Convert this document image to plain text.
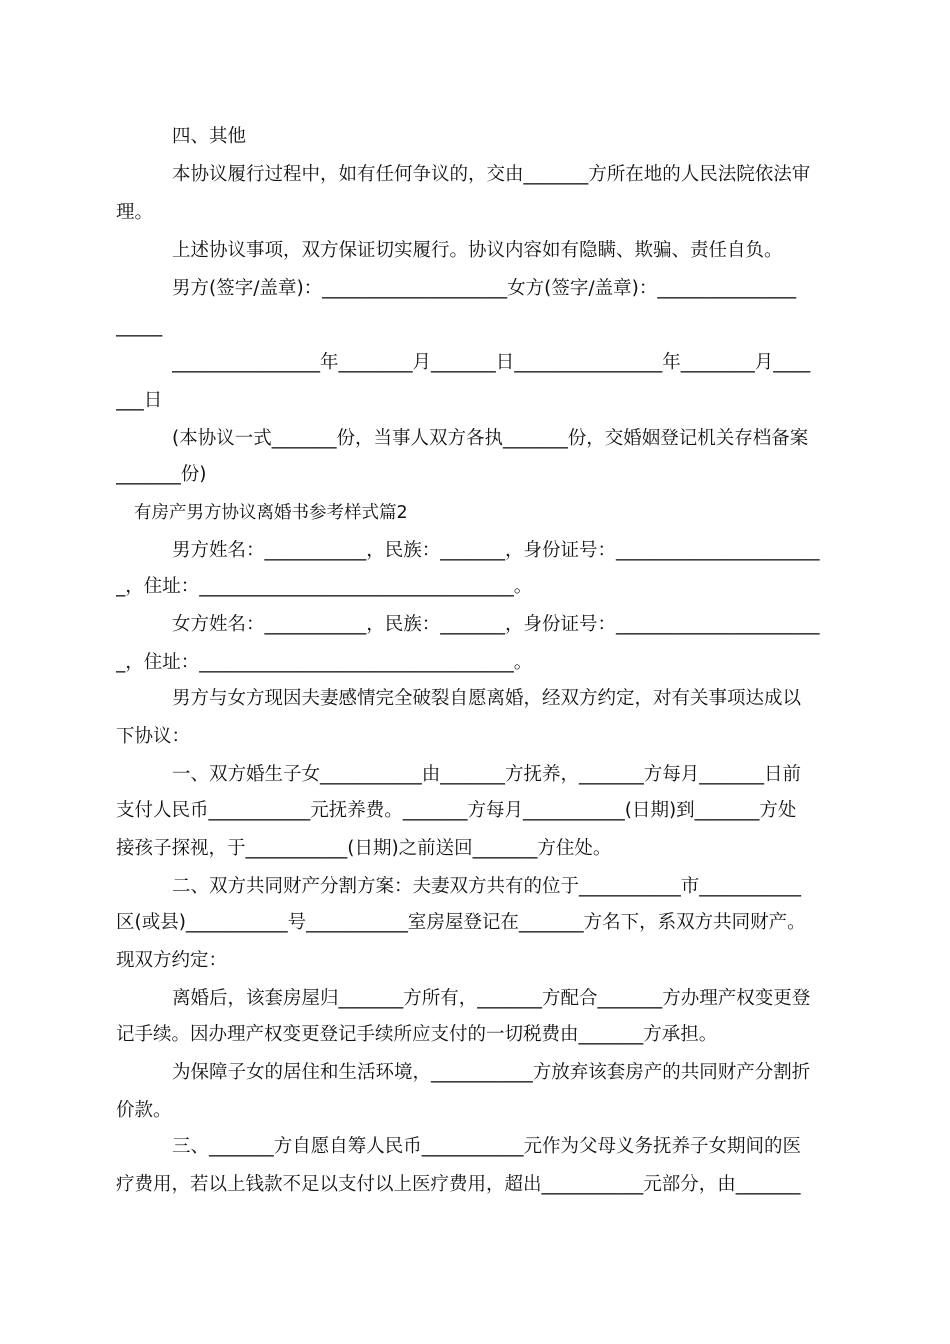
四、其他
本协议履行过程中，如有任何争议的，交由_______方所在地的人民法院依法审
理。
上述协议事项，双方保证切实履行。协议内容如有隐瞒、欺骗、责任自负。
男方(签字/盖章)：____________________女方(签字/盖章)：_______________
_____
________________年________月_______日________________年________月____
___日
(本协议一式_______份，当事人双方各执_______份，交婚姻登记机关存档备案
_______份)
有房产男方协议离婚书参考样式篇2
男方姓名：___________，民族：_______，身份证号：______________________
_，住址：__________________________________。
女方姓名：___________，民族：_______，身份证号：______________________
_，住址：__________________________________。
男方与女方现因夫妻感情完全破裂自愿离婚，经双方约定，对有关事项达成以
下协议：
一、双方婚生子女___________由_______方抚养，_______方每月_______日前
支付人民币___________元抚养费。_______方每月___________(日期)到_______方处
接孩子探视，于___________(日期)之前送回_______方住处。
二、双方共同财产分割方案：夫妻双方共有的位于___________市___________
区(或县)___________号___________室房屋登记在_______方名下，系双方共同财产。
现双方约定：
离婚后，该套房屋归_______方所有，_______方配合_______方办理产权变更登
记手续。因办理产权变更登记手续所应支付的一切税费由_______方承担。
为保障子女的居住和生活环境，___________方放弃该套房产的共同财产分割折
价款。
三、_______方自愿自筹人民币___________元作为父母义务抚养子女期间的医
疗费用，若以上钱款不足以支付以上医疗费用，超出___________元部分，由_______
